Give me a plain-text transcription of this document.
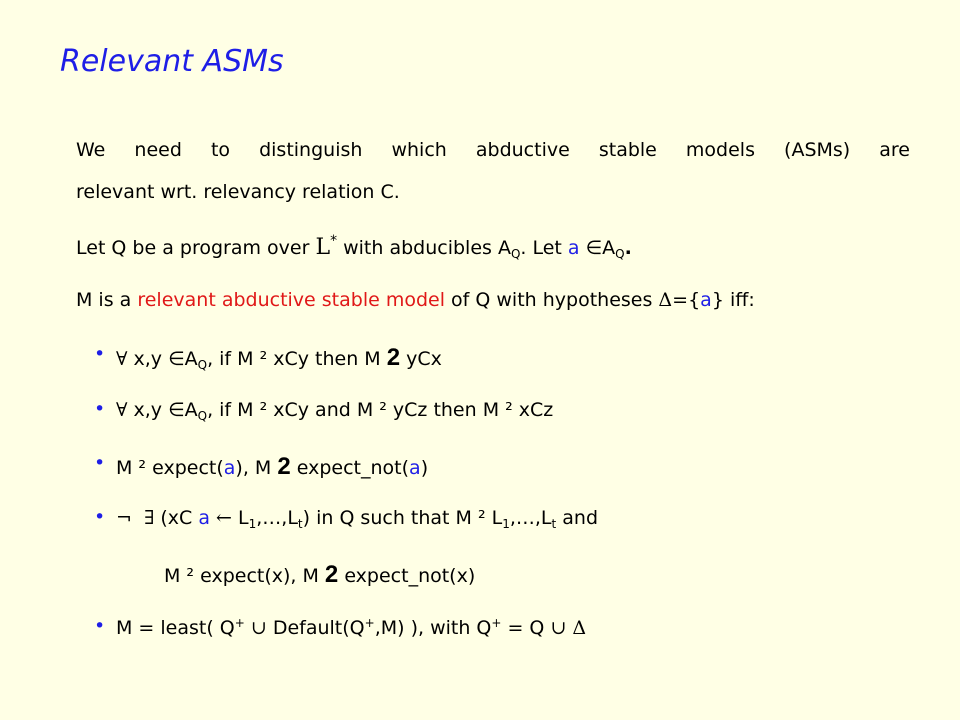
Relevant ASMs
We need to distinguish which abductive stable models (ASMs) are
relevant wrt. relevancy relation C.
Let Q be a program over L* with abducibles $A_Q$. Let a $\in A_Q$.
M is a relevant abductive stable model of Q with hypotheses Δ={a} iff:
• ∀ x,y $\in A_Q$, if M ² xCy then M 2 yCx
• ∀ x,y $\in A_Q$, if M ² xCy and M ² yCz then M ² xCz
• M ² expect(a), M 2 expect_not(a)
• ¬ ∃ (xC a ← $L_1,\dots,L_t$) in Q such that M ² $L_1,\dots,L_t$ and
M ² expect(x), M 2 expect_not(x)
• M = least( Q+ ∪ Default(Q+,M) ), with Q+ = Q ∪ Δ
